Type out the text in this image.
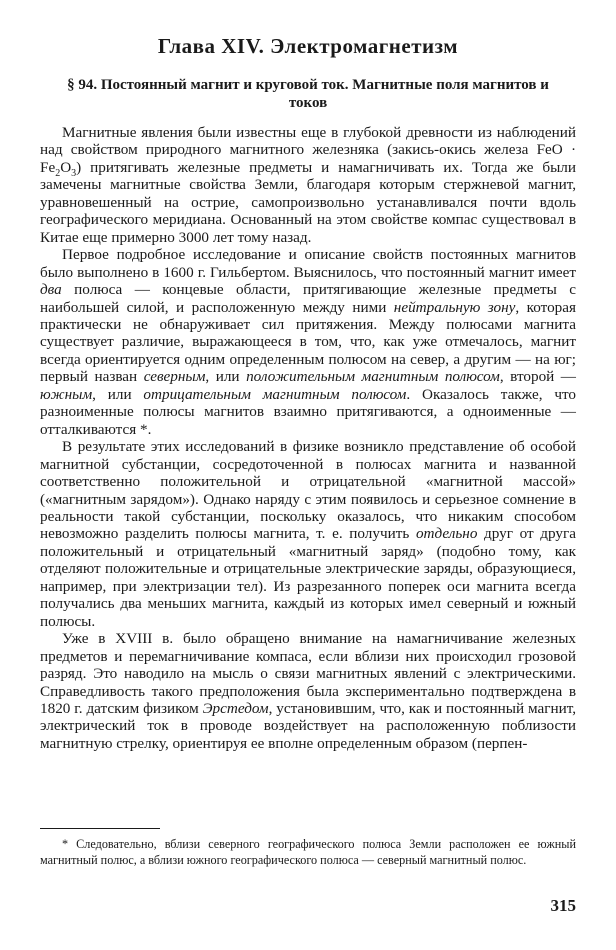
Глава XIV. Электромагнетизм
§ 94. Постоянный магнит и круговой ток. Магнитные поля магнитов и токов

Магнитные явления были известны еще в глубокой древности из наблюдений над свойством природного магнитного железняка (закись-окись железа FeO · $Fe_2O_3$) притягивать железные предметы и намагничивать их. Тогда же были замечены магнитные свойства Земли, благодаря которым стержневой магнит, уравновешенный на острие, самопроизвольно устанавливался почти вдоль географического меридиана. Основанный на этом свойстве компас существовал в Китае еще примерно 3000 лет тому назад.

Первое подробное исследование и описание свойств постоянных магнитов было выполнено в 1600 г. Гильбертом. Выяснилось, что постоянный магнит имеет два полюса — концевые области, притягивающие железные предметы с наибольшей силой, и расположенную между ними нейтральную зону, которая практически не обнаруживает сил притяжения. Между полюсами магнита существует различие, выражающееся в том, что, как уже отмечалось, магнит всегда ориентируется одним определенным полюсом на север, а другим — на юг; первый назван северным, или положительным магнитным полюсом, второй — южным, или отрицательным магнитным полюсом. Оказалось также, что разноименные полюсы магнитов взаимно притягиваются, а одноименные — отталкиваются *.

В результате этих исследований в физике возникло представление об особой магнитной субстанции, сосредоточенной в полюсах магнита и названной соответственно положительной и отрицательной «магнитной массой» («магнитным зарядом»). Однако наряду с этим появилось и серьезное сомнение в реальности такой субстанции, поскольку оказалось, что никаким способом невозможно разделить полюсы магнита, т. е. получить отдельно друг от друга положительный и отрицательный «магнитный заряд» (подобно тому, как отделяют положительные и отрицательные электрические заряды, образующиеся, например, при электризации тел). Из разрезанного поперек оси магнита всегда получались два меньших магнита, каждый из которых имел северный и южный полюсы.

Уже в XVIII в. было обращено внимание на намагничивание железных предметов и перемагничивание компаса, если вблизи них происходил грозовой разряд. Это наводило на мысль о связи магнитных явлений с электрическими. Справедливость такого предположения была экспериментально подтверждена в 1820 г. датским физиком Эрстедом, установившим, что, как и постоянный магнит, электрический ток в проводе воздействует на расположенную поблизости магнитную стрелку, ориентируя ее вполне определенным образом (перпен-

* Следовательно, вблизи северного географического полюса Земли расположен ее южный магнитный полюс, а вблизи южного географического полюса — северный магнитный полюс.

315
